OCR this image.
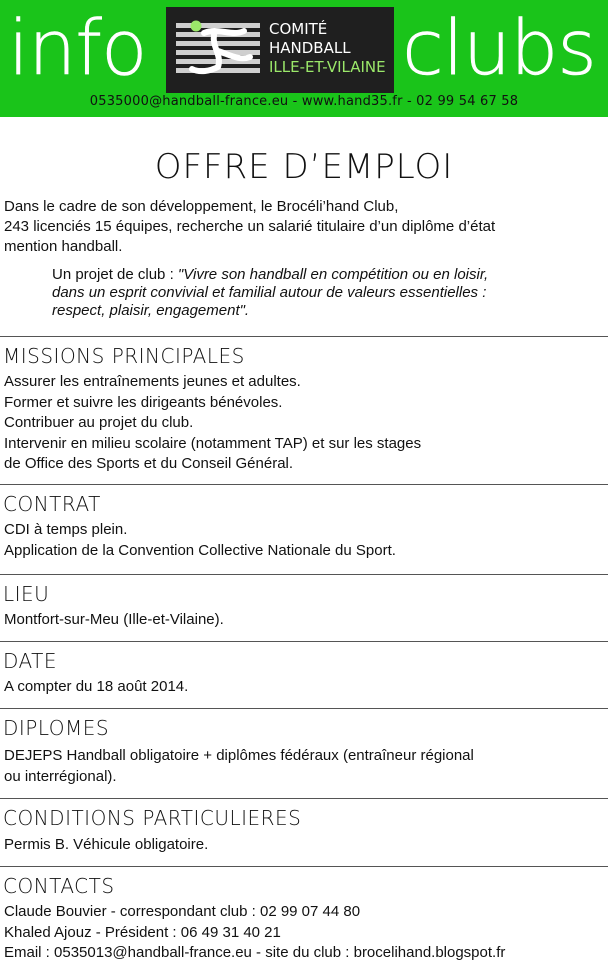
info	COMITÉ
HANDBALL
ILLE-ET-VILAINE clubs
0535000@handball-france.eu - www.hand35.fr - 02 99 54 67 58
OFFRE D’EMPLOI
Dans le cadre de son développement, le Brocéli’hand Club,
243 licenciés 15 équipes, recherche un salarié titulaire d’un diplôme d’état
mention handball.
Un projet de club : "Vivre son handball en compétition ou en loisir,
dans un esprit convivial et familial autour de valeurs essentielles :
respect, plaisir, engagement".
MISSIONS PRINCIPALES
Assurer les entraînements jeunes et adultes.
Former et suivre les dirigeants bénévoles.
Contribuer au projet du club.
Intervenir en milieu scolaire (notamment TAP) et sur les stages
de Office des Sports et du Conseil Général.
CONTRAT
CDI à temps plein.
Application de la Convention Collective Nationale du Sport.
LIEU
Montfort-sur-Meu (Ille-et-Vilaine).
DATE
A compter du 18 août 2014.
DIPLOMES
DEJEPS Handball obligatoire + diplômes fédéraux (entraîneur régional
ou interrégional).
CONDITIONS PARTICULIERES
Permis B. Véhicule obligatoire.
CONTACTS
Claude Bouvier - correspondant club : 02 99 07 44 80
Khaled Ajouz - Président : 06 49 31 40 21
Email : 0535013@handball-france.eu - site du club : brocelihand.blogspot.fr
